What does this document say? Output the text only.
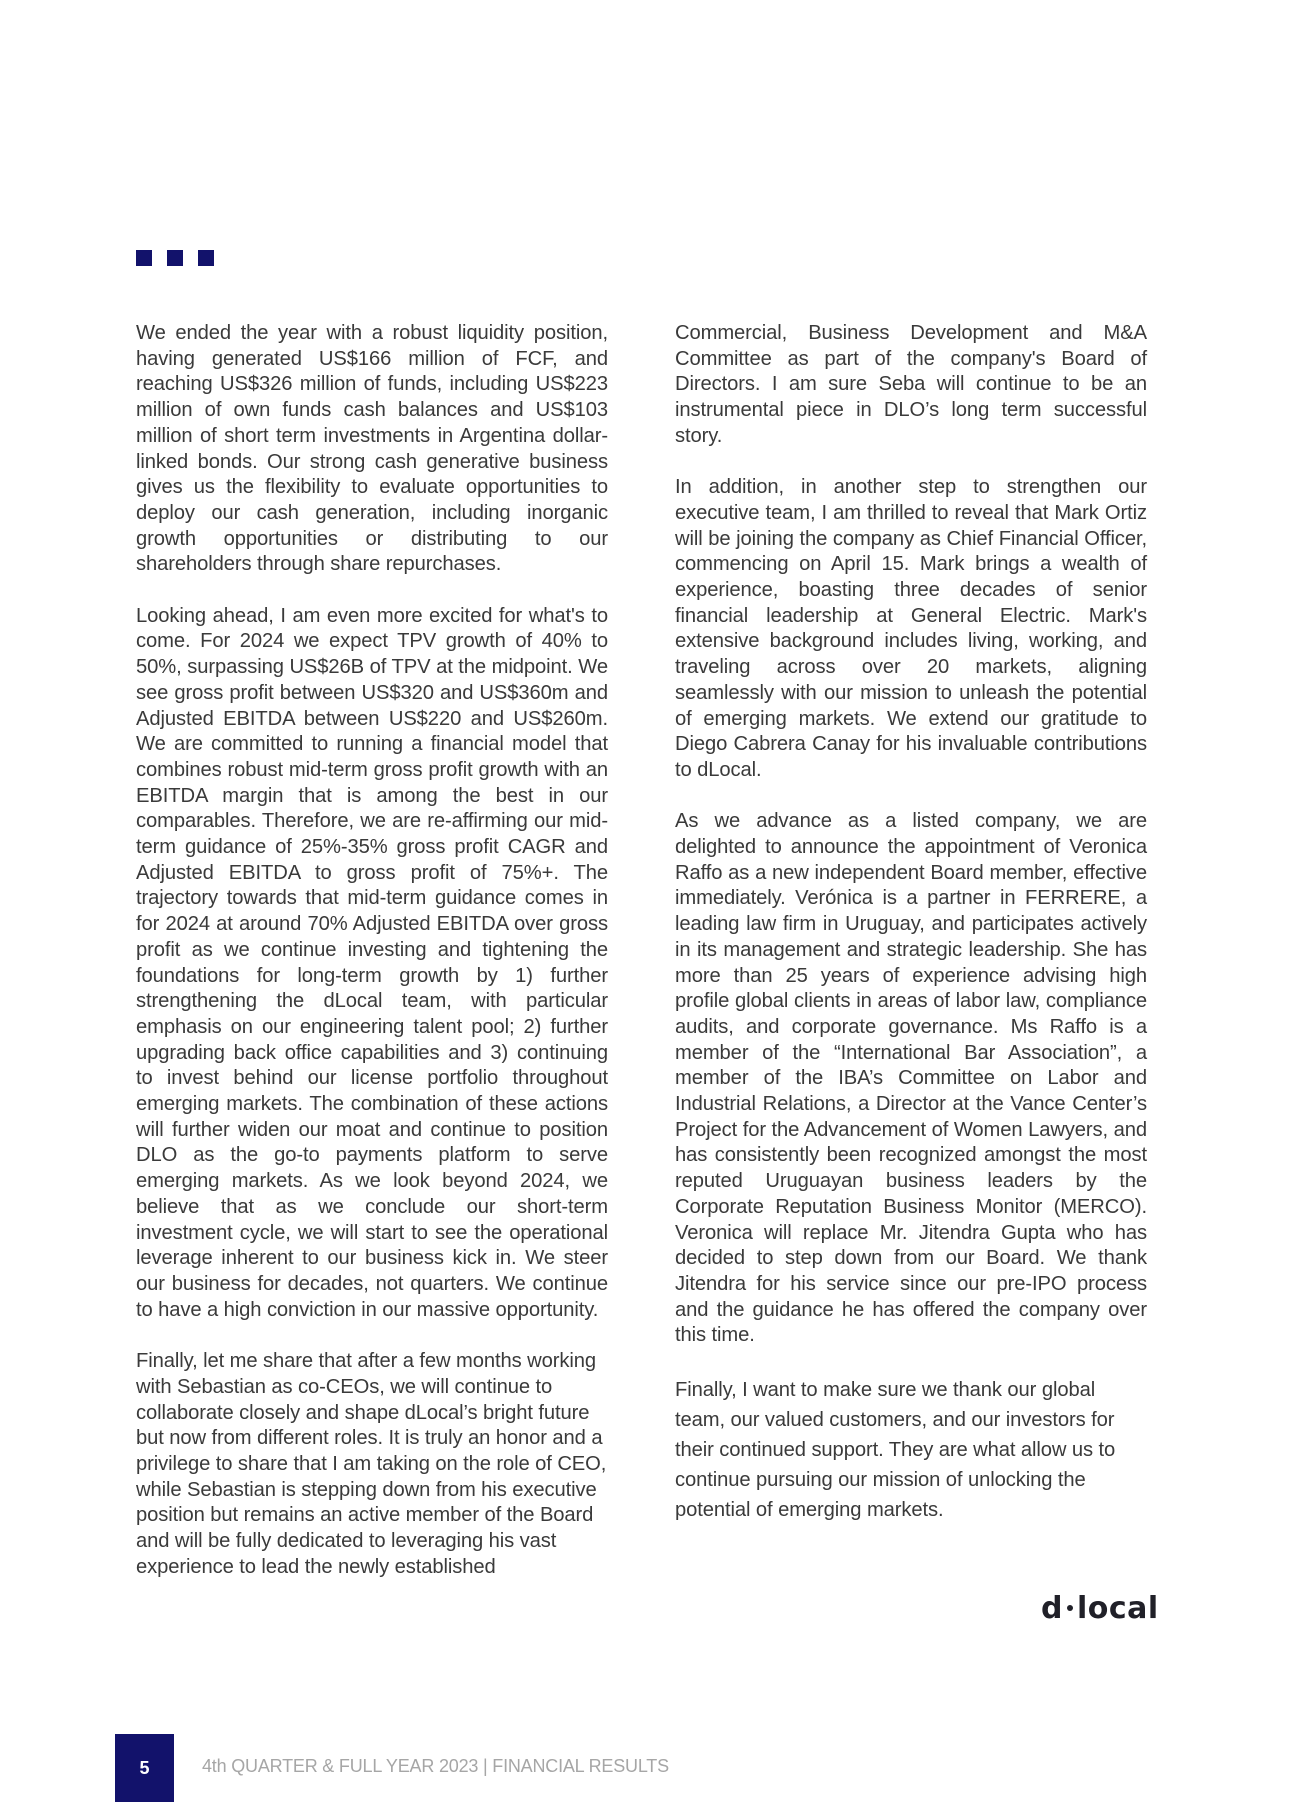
We ended the year with a robust liquidity position, having generated US$166 million of FCF, and reaching US$326 million of funds, including US$223 million of own funds cash balances and US$103 million of short term investments in Argentina dollar-linked bonds. Our strong cash generative business gives us the flexibility to evaluate opportunities to deploy our cash generation, including inorganic growth opportunities or distributing to our shareholders through share repurchases.

Looking ahead, I am even more excited for what's to come. For 2024 we expect TPV growth of 40% to 50%, surpassing US$26B of TPV at the midpoint. We see gross profit between US$320 and US$360m and Adjusted EBITDA between US$220 and US$260m. We are committed to running a financial model that combines robust mid-term gross profit growth with an EBITDA margin that is among the best in our comparables. Therefore, we are re-affirming our mid-term guidance of 25%-35% gross profit CAGR and Adjusted EBITDA to gross profit of 75%+. The trajectory towards that mid-term guidance comes in for 2024 at around 70% Adjusted EBITDA over gross profit as we continue investing and tightening the foundations for long-term growth by 1) further strengthening the dLocal team, with particular emphasis on our engineering talent pool; 2) further upgrading back office capabilities and 3) continuing to invest behind our license portfolio throughout emerging markets. The combination of these actions will further widen our moat and continue to position DLO as the go-to payments platform to serve emerging markets. As we look beyond 2024, we believe that as we conclude our short-term investment cycle, we will start to see the operational leverage inherent to our business kick in. We steer our business for decades, not quarters. We continue to have a high conviction in our massive opportunity.

Finally, let me share that after a few months working with Sebastian as co-CEOs, we will continue to collaborate closely and shape dLocal’s bright future but now from different roles. It is truly an honor and a privilege to share that I am taking on the role of CEO, while Sebastian is stepping down from his executive position but remains an active member of the Board and will be fully dedicated to leveraging his vast experience to lead the newly established

Commercial, Business Development and M&A Committee as part of the company's Board of Directors. I am sure Seba will continue to be an instrumental piece in DLO’s long term successful story.

In addition, in another step to strengthen our executive team, I am thrilled to reveal that Mark Ortiz will be joining the company as Chief Financial Officer, commencing on April 15. Mark brings a wealth of experience, boasting three decades of senior financial leadership at General Electric. Mark's extensive background includes living, working, and traveling across over 20 markets, aligning seamlessly with our mission to unleash the potential of emerging markets. We extend our gratitude to Diego Cabrera Canay for his invaluable contributions to dLocal.

As we advance as a listed company, we are delighted to announce the appointment of Veronica Raffo as a new independent Board member, effective immediately. Verónica is a partner in FERRERE, a leading law firm in Uruguay, and participates actively in its management and strategic leadership. She has more than 25 years of experience advising high profile global clients in areas of labor law, compliance audits, and corporate governance. Ms Raffo is a member of the “International Bar Association”, a member of the IBA’s Committee on Labor and Industrial Relations, a Director at the Vance Center’s Project for the Advancement of Women Lawyers, and has consistently been recognized amongst the most reputed Uruguayan business leaders by the Corporate Reputation Business Monitor (MERCO). Veronica will replace Mr. Jitendra Gupta who has decided to step down from our Board. We thank Jitendra for his service since our pre-IPO process and the guidance he has offered the company over this time.

Finally, I want to make sure we thank our global team, our valued customers, and our investors for their continued support. They are what allow us to continue pursuing our mission of unlocking the potential of emerging markets.

d local
5	4th QUARTER & FULL YEAR 2023 | FINANCIAL RESULTS
